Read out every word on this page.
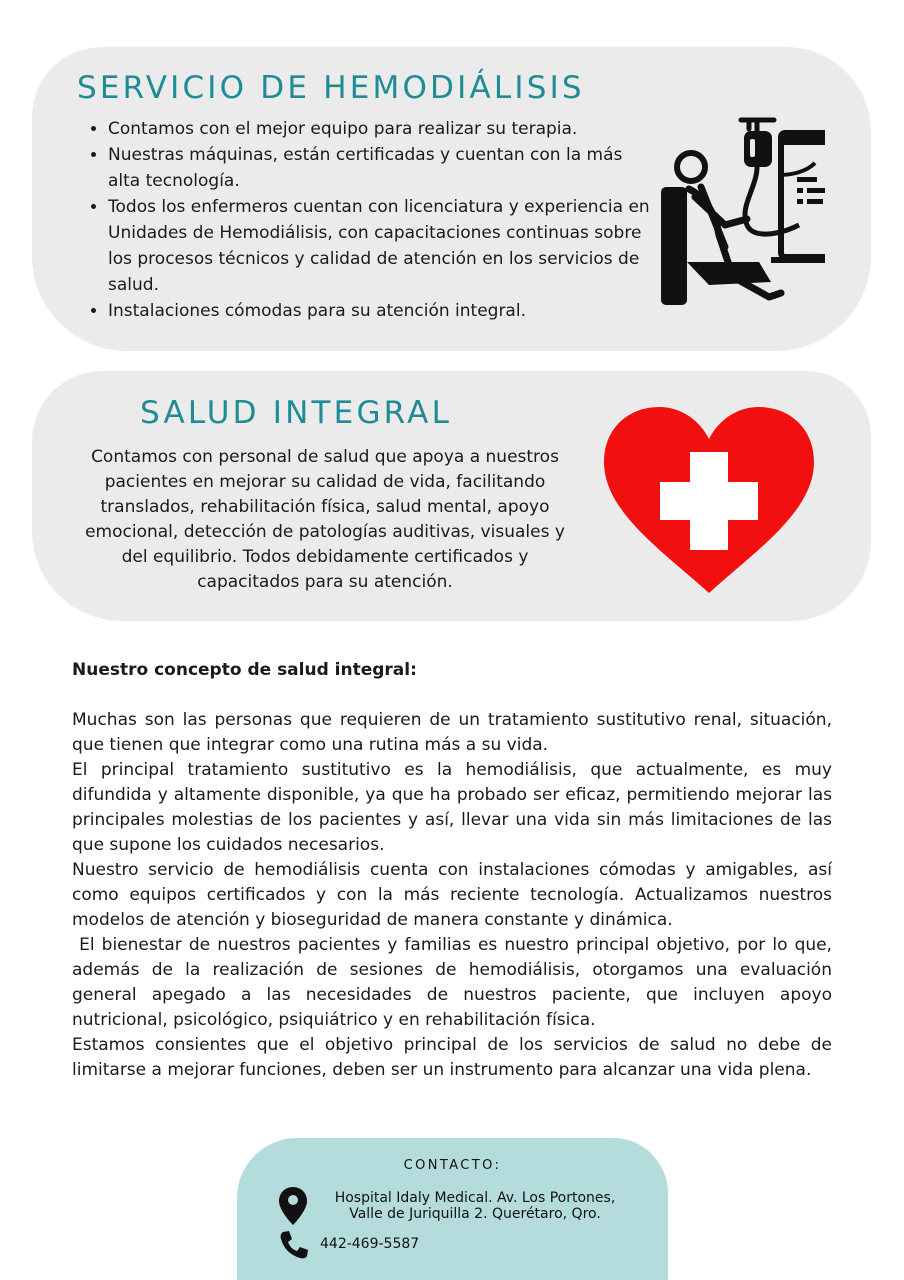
SERVICIO DE HEMODIÁLISIS
• Contamos con el mejor equipo para realizar su terapia.
• Nuestras máquinas, están certificadas y cuentan con la más alta tecnología.
• Todos los enfermeros cuentan con licenciatura y experiencia en Unidades de Hemodiálisis, con capacitaciones continuas sobre los procesos técnicos y calidad de atención en los servicios de salud.
• Instalaciones cómodas para su atención integral.
SALUD INTEGRAL

Contamos con personal de salud que apoya a nuestros pacientes en mejorar su calidad de vida, facilitando translados, rehabilitación física, salud mental, apoyo emocional, detección de patologías auditivas, visuales y del equilibrio. Todos debidamente certificados y capacitados para su atención.

Nuestro concepto de salud integral:

Muchas son las personas que requieren de un tratamiento sustitutivo renal, situación, que tienen que integrar como una rutina más a su vida.

El principal tratamiento sustitutivo es la hemodiálisis, que actualmente, es muy difundida y altamente disponible, ya que ha probado ser eficaz, permitiendo mejorar las principales molestias de los pacientes y así, llevar una vida sin más limitaciones de las que supone los cuidados necesarios.

Nuestro servicio de hemodiálisis cuenta con instalaciones cómodas y amigables, así como equipos certificados y con la más reciente tecnología. Actualizamos nuestros modelos de atención y bioseguridad de manera constante y dinámica.

El bienestar de nuestros pacientes y familias es nuestro principal objetivo, por lo que, además de la realización de sesiones de hemodiálisis, otorgamos una evaluación general apegado a las necesidades de nuestros paciente, que incluyen apoyo nutricional, psicológico, psiquiátrico y en rehabilitación física.

Estamos consientes que el objetivo principal de los servicios de salud no debe de limitarse a mejorar funciones, deben ser un instrumento para alcanzar una vida plena.

CONTACTO:
Hospital Idaly Medical. Av. Los Portones,
Valle de Juriquilla 2. Querétaro, Qro.
442-469-5587
